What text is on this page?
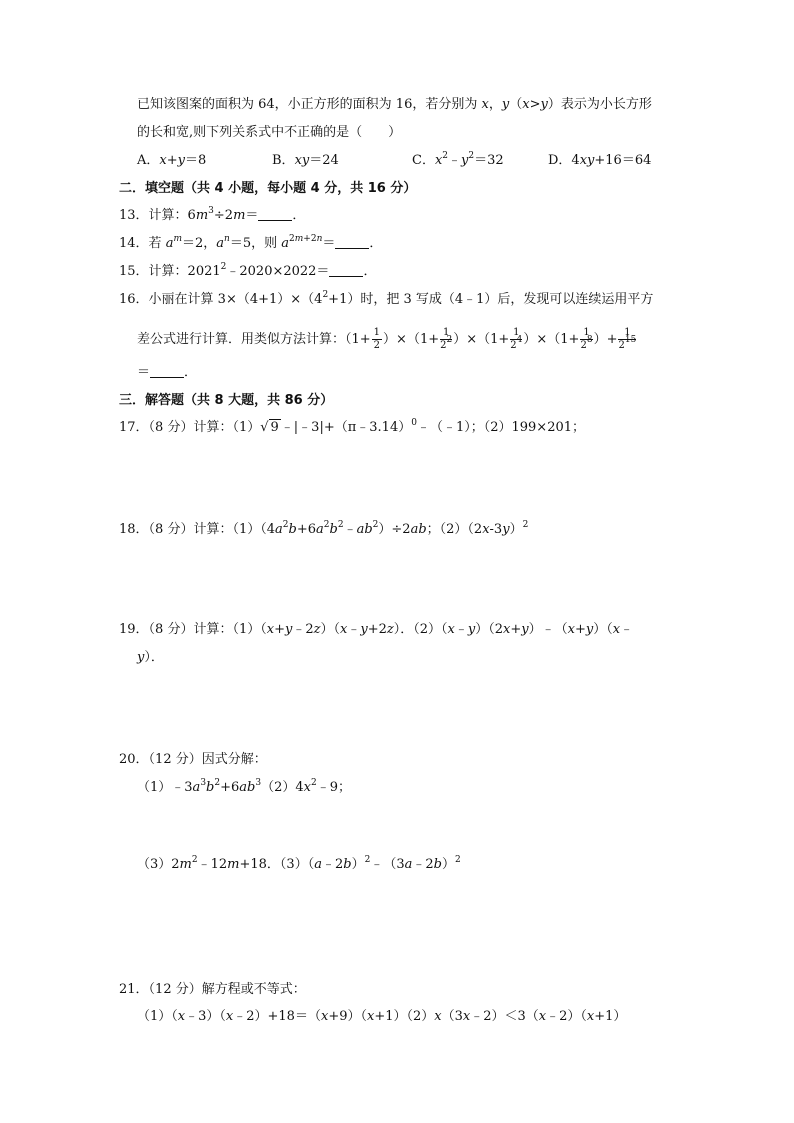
已知该图案的面积为 64，小正方形的面积为 16，若分别为 x，y（x>y）表示为小长方形
的长和宽,则下列关系式中不正确的是（　　）
A．x+y＝8	B．xy＝24	C．$x^2﹣y^2=32$	D．4xy+16＝64
二．填空题（共 4 小题，每小题 4 分，共 16 分）
13．计算：$6m^3\div 2m=$	．
14．若 $a^m=2$，$a^n=5$，则 $a^{2m+2n}=$	．
15．计算：$2021^2﹣2020\times 2022=$	．
16．小丽在计算 $3\times(4+1)\times(4^2+1)$时，把 3 写成（4﹣1）后，发现可以连续运用平方
差公式进行计算．用类似方法计算：$(1+ \frac{1}{2} )\times(1+ \frac{1}{2^2} )\times(1+ \frac{1}{2^4} )\times(1+ \frac{1}{2^8}$ ）+ $\frac{1}{2^{15}}$
＝	．
三．解答题（共 8 大题，共 86 分）
17．（8 分）计算：（1）√ 9 ﹣|﹣3|+（π﹣3.14）$^0$﹣（﹣1）；（2）199×201；
18．（8 分）计算：$(1)(4a^2b+6a^2b^2﹣ab^2)\div 2ab$；$(2)(2x-3y)^2$
19．（8 分）计算：（1）（x+y﹣2z）（x﹣y+2z）．（2）（x﹣y）（2x+y）﹣（x+y）（x﹣
y）．
20．（12 分）因式分解：
$(1)﹣3a^3b^2+6ab^3(2)4x^2﹣9$；
$(3)2m^2﹣12m+18$．（3）（a﹣2b）$^2$﹣（3a﹣2b）$^2$
21．（12 分）解方程或不等式：
（1）（x﹣3）（x﹣2）+18＝（x+9）（x+1）（2）x（3x﹣2）＜3（x﹣2）（x+1）
